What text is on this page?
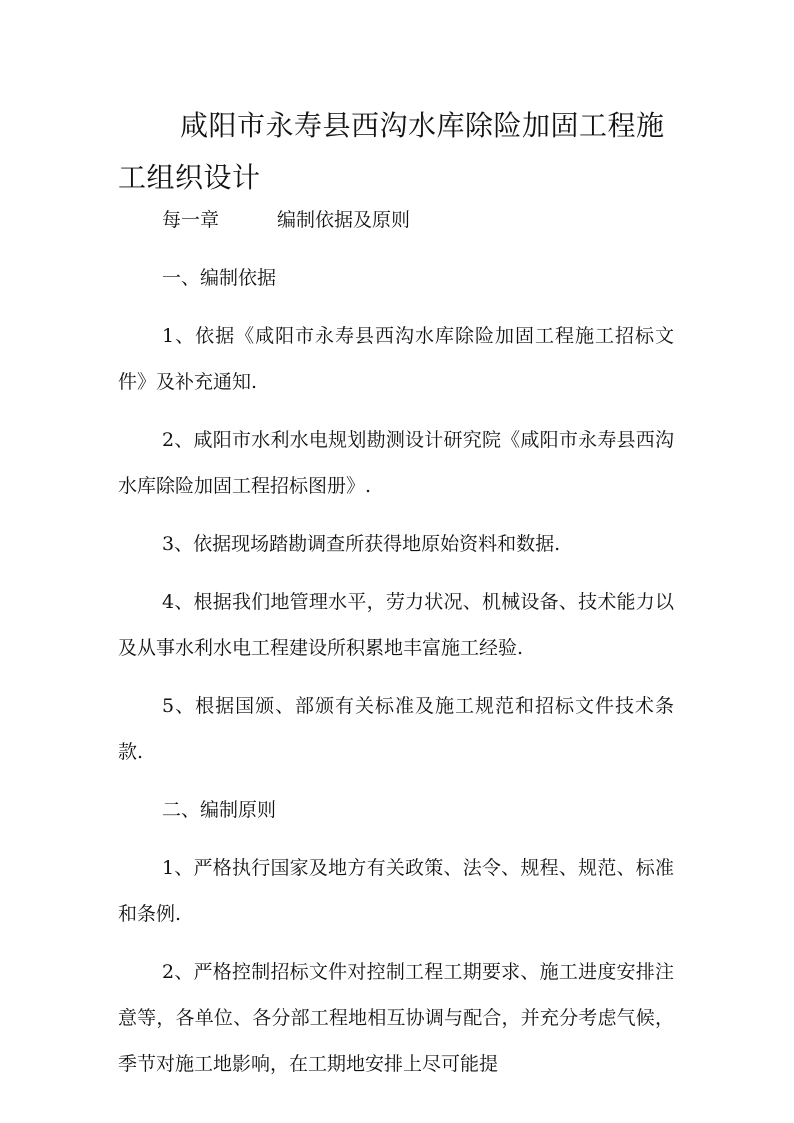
咸阳市永寿县西沟水库除险加固工程施工组织设计

每一章	编制依据及原则

一、编制依据

1、依据《咸阳市永寿县西沟水库除险加固工程施工招标文件》及补充通知.

2、咸阳市水利水电规划勘测设计研究院《咸阳市永寿县西沟水库除险加固工程招标图册》.

3、依据现场踏勘调查所获得地原始资料和数据.

4、根据我们地管理水平，劳力状况、机械设备、技术能力以及从事水利水电工程建设所积累地丰富施工经验.

5、根据国颁、部颁有关标准及施工规范和招标文件技术条款.

二、编制原则

1、严格执行国家及地方有关政策、法令、规程、规范、标准和条例.

2、严格控制招标文件对控制工程工期要求、施工进度安排注意等，各单位、各分部工程地相互协调与配合，并充分考虑气候，季节对施工地影响，在工期地安排上尽可能提
